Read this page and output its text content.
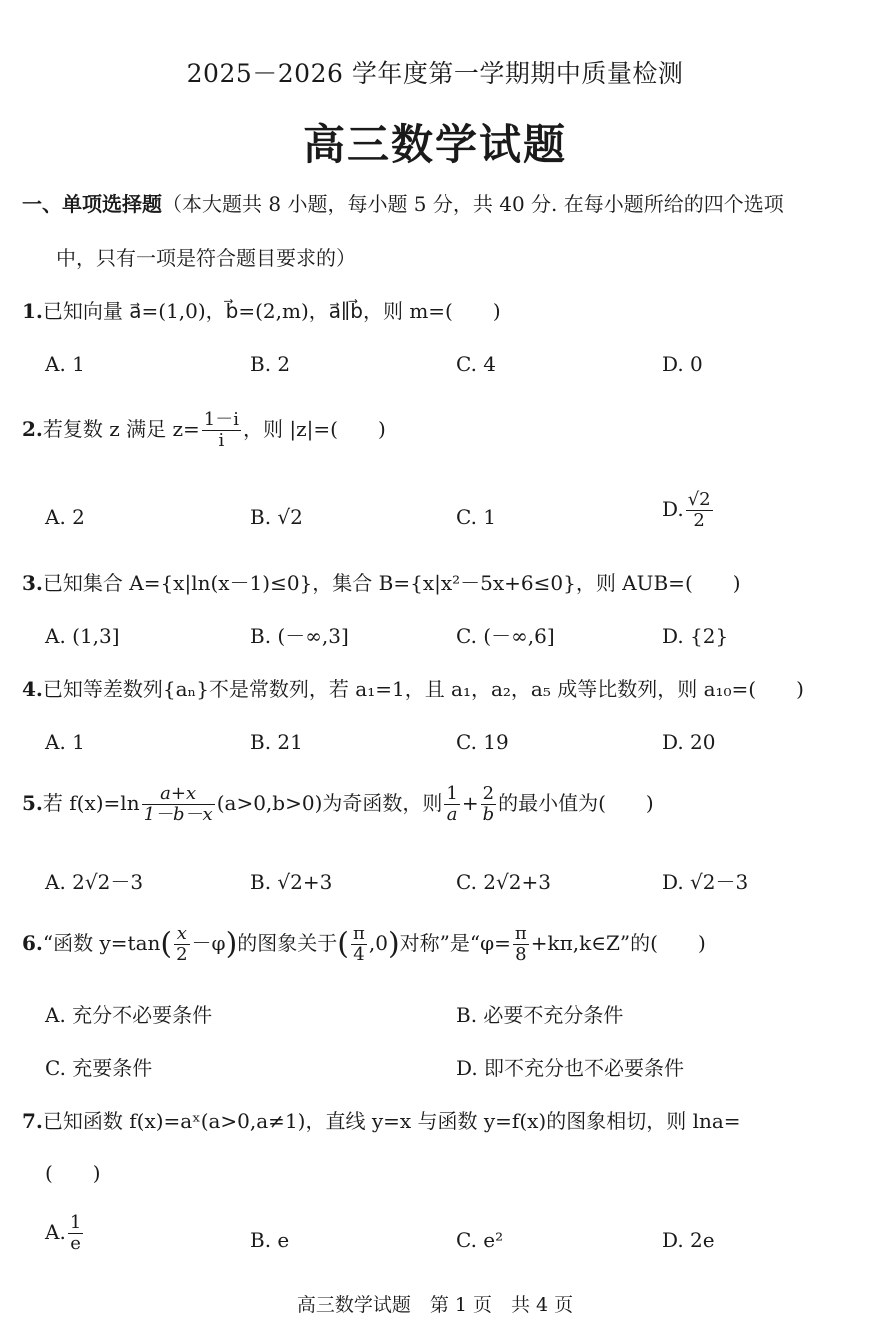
2025－2026 学年度第一学期期中质量检测
高三数学试题
一、单项选择题（本大题共 8 小题，每小题 5 分，共 40 分. 在每小题所给的四个选项
中，只有一项是符合题目要求的）
1.已知向量 a⃗=(1,0)，b⃗=(2,m)，a⃗∥b⃗，则 m=(　　)
A. 1	B. 2	C. 4	D. 0
2.若复数 z 满足 $z= \frac{1-i}{i}$ ，则 |z|=(　　)
A. 2	B. √2	C. 1	D. $\frac{√2}{2}$
3.已知集合 A={x|ln(x－1)≤0}，集合 B={x|x²－5x+6≤0}，则 AUB=(　　)
A. (1,3]	B. (－∞,3]	C. (－∞,6]	D. {2}
4.已知等差数列{aₙ}不是常数列，若 a₁=1，且 a₁，a₂，a₅ 成等比数列，则 a₁₀=(　　)
A. 1	B. 21	C. 19	D. 20
5.若 $f(x)=\ln \frac{a+x}{1-b-x} (a>0,b>0)$为奇函数，则 $\frac{1}{a} + \frac{2}{b}$ 的最小值为(　　)
A. 2√2－3	B. √2+3	C. 2√2+3	D. √2－3
6.“函数 $y=\tan( \frac{x}{2} -\varphi)$的图象关于( $\frac{\pi}{4} ,0$)对称”是“$\varphi= \frac{\pi}{8}$ +kπ,k∈Z”的(　　)
A. 充分不必要条件	B. 必要不充分条件
C. 充要条件	D. 即不充分也不必要条件
7.已知函数 f(x)=aˣ(a>0,a≠1)，直线 y=x 与函数 y=f(x)的图象相切，则 lna=
(　　)
A. $\frac{1}{e}$	B. e	C. e²	D. 2e
高三数学试题　第 1 页　共 4 页
